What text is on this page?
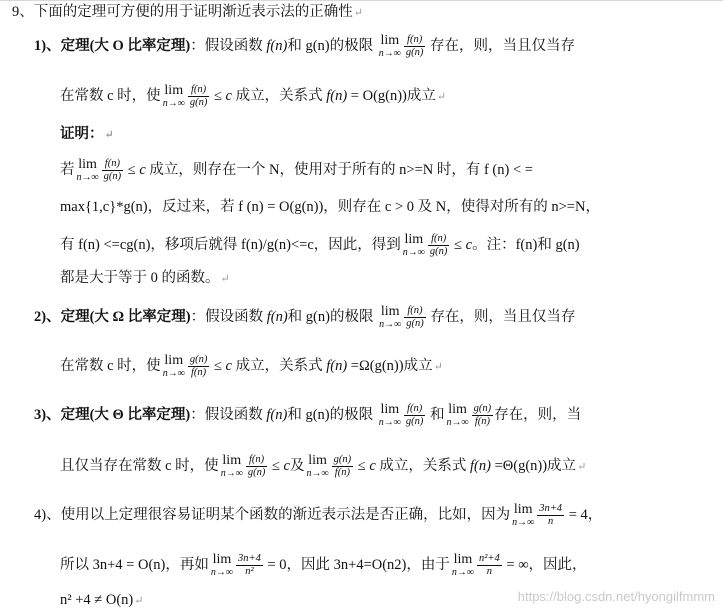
9、下面的定理可方便的用于证明渐近表示法的正确性↵
1)、定理(大 O 比率定理)：假设函数 f(n)和 g(n)的极限 lim
$n\to\infty \frac{f(n)}{g(n)}$ 存在，则，当且仅当存
在常数 c 时，使 lim
$n\to\infty \frac{f(n)}{g(n)} \le c$ 成立，关系式 f(n) = O(g(n))成立↵
证明：↵
若 lim
$n\to\infty \frac{f(n)}{g(n)} \le c$ 成立，则存在一个 N，使用对于所有的 n>=N 时，有 f (n) < =
max{1,c}*g(n)，反过来，若 f (n) = O(g(n))，则存在 c > 0 及 N，使得对所有的 n>=N，
有 f(n) <=cg(n)，移项后就得 f(n)/g(n)<=c，因此，得到 lim
$n\to\infty \frac{f(n)}{g(n)} \le c$。注：f(n)和 g(n)
都是大于等于 0 的函数。↵
2)、定理(大 Ω 比率定理)：假设函数 f(n)和 g(n)的极限 lim
$n\to\infty \frac{f(n)}{g(n)}$ 存在，则，当且仅当存
在常数 c 时，使 lim
$n\to\infty \frac{g(n)}{f(n)} \le c$ 成立，关系式 f(n) =Ω(g(n))成立↵
3)、定理(大 Θ 比率定理)：假设函数 f(n)和 g(n)的极限 lim
$n\to\infty \frac{f(n)}{g(n)}$ 和 lim
$n\to\infty \frac{g(n)}{f(n)}$ 存在，则，当
且仅当存在常数 c 时，使 lim
$n\to\infty \frac{f(n)}{g(n)} \le c$及 lim
$n\to\infty \frac{g(n)}{f(n)} \le c$ 成立，关系式 f(n) =Θ(g(n))成立↵
4)、使用以上定理很容易证明某个函数的渐近表示法是否正确，比如，因为 lim
$n\to\infty \frac{3n+4}{n} = 4$，
所以 3n+4 = O(n)，再如 lim
$n\to\infty \frac{3n+4}{\text{n²}} = 0$，因此 3n+4=O(n2)，由于 lim
$n\to\infty \frac{\text{n²+4}}{n}$ = ∞，因此，
n² +4 ≠ O(n)↵	https://blog.csdn.net/hyongilfmmm
